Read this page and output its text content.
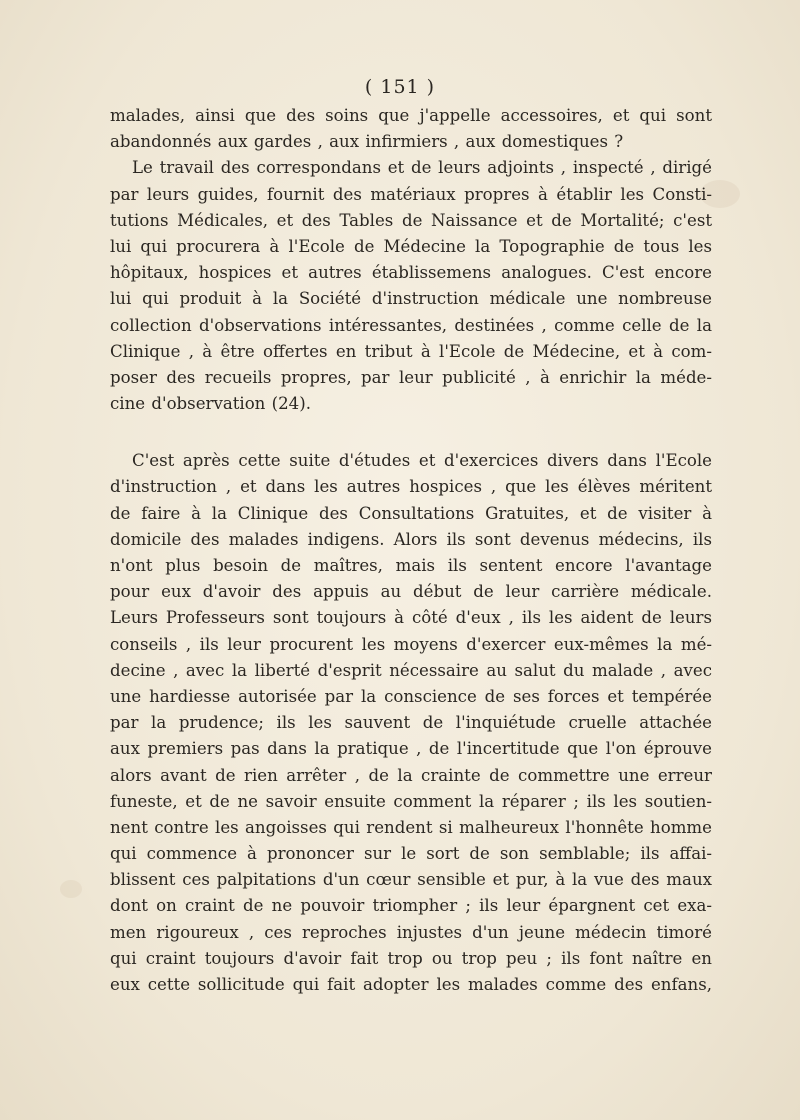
( 151 )
malades, ainsi que des soins que j'appelle accessoires, et qui sont
abandonnés aux gardes , aux infirmiers , aux domestiques ?
Le travail des correspondans et de leurs adjoints , inspecté , dirigé
par leurs guides, fournit des matériaux propres à établir les Consti-
tutions Médicales, et des Tables de Naissance et de Mortalité; c'est
lui qui procurera à l'Ecole de Médecine la Topographie de tous les
hôpitaux, hospices et autres établissemens analogues. C'est encore
lui qui produit à la Société d'instruction médicale une nombreuse
collection d'observations intéressantes, destinées , comme celle de la
Clinique , à être offertes en tribut à l'Ecole de Médecine, et à com-
poser des recueils propres, par leur publicité , à enrichir la méde-
cine d'observation (24).
C'est après cette suite d'études et d'exercices divers dans l'Ecole
d'instruction , et dans les autres hospices , que les élèves méritent
de faire à la Clinique des Consultations Gratuites, et de visiter à
domicile des malades indigens. Alors ils sont devenus médecins, ils
n'ont plus besoin de maîtres, mais ils sentent encore l'avantage
pour eux d'avoir des appuis au début de leur carrière médicale.
Leurs Professeurs sont toujours à côté d'eux , ils les aident de leurs
conseils , ils leur procurent les moyens d'exercer eux-mêmes la mé-
decine , avec la liberté d'esprit nécessaire au salut du malade , avec
une hardiesse autorisée par la conscience de ses forces et tempérée
par la prudence; ils les sauvent de l'inquiétude cruelle attachée
aux premiers pas dans la pratique , de l'incertitude que l'on éprouve
alors avant de rien arrêter , de la crainte de commettre une erreur
funeste, et de ne savoir ensuite comment la réparer ; ils les soutien-
nent contre les angoisses qui rendent si malheureux l'honnête homme
qui commence à prononcer sur le sort de son semblable; ils affai-
blissent ces palpitations d'un cœur sensible et pur, à la vue des maux
dont on craint de ne pouvoir triompher ; ils leur épargnent cet exa-
men rigoureux , ces reproches injustes d'un jeune médecin timoré
qui craint toujours d'avoir fait trop ou trop peu ; ils font naître en
eux cette sollicitude qui fait adopter les malades comme des enfans,
